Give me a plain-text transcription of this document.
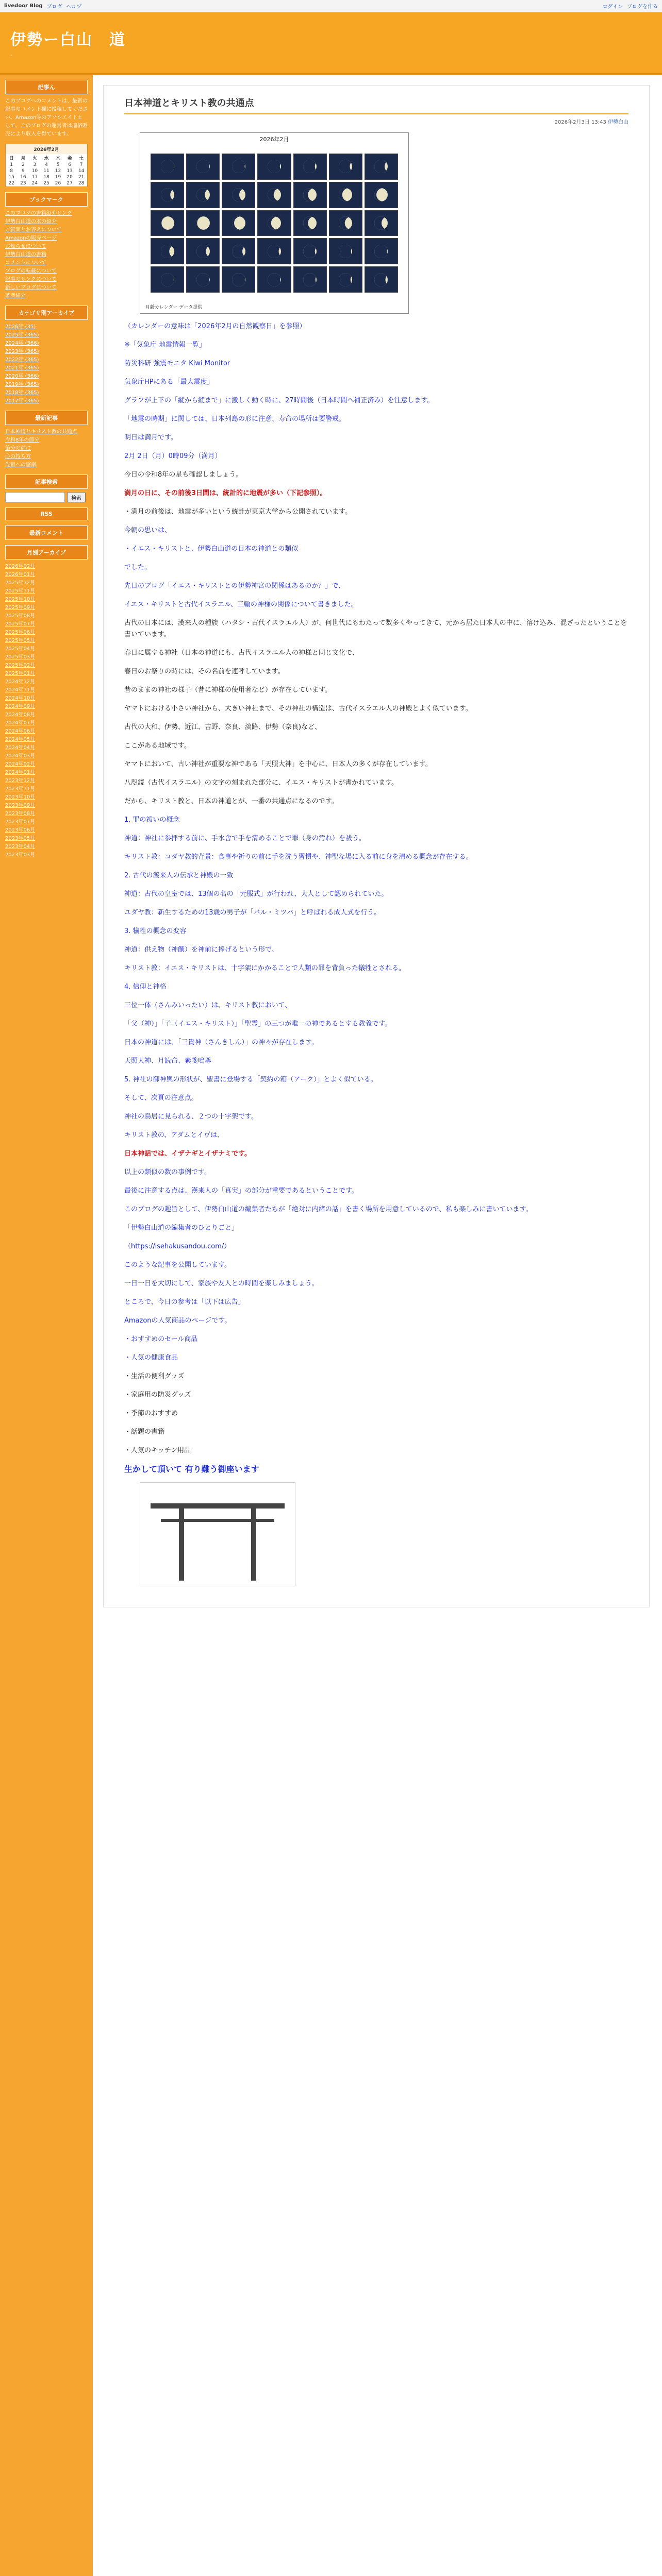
livedoor Blog ブログ ヘルプ	ログイン ブログを作る
伊勢ー白山　道
-
記事ん
このブログへのコメントは、最新の記事のコメント欄に投稿してください。Amazon等のアソシエイトとして、このブログの運営者は適格販売により収入を得ています。
2026年2月
日	月	火	水	木	金	土
1	2	3	4	5	6	7
8	9	10	11	12	13	14
15	16	17	18	19	20	21
22	23	24	25	26	27	28
ブックマーク
このブログの書籍紹介リンク
伊勢白山道の本の紹介
ご質問とお答えについて
Amazonの販売ページ
お知らせについて
伊勢白山道の書籍
コメントについて
ブログの転載について
記事のリンクについて
新しいブログについて
著者紹介
カテゴリ別アーカイブ
2026年 (35)
2025年 (365)
2024年 (366)
2023年 (365)
2022年 (365)
2021年 (365)
2020年 (366)
2019年 (365)
2018年 (365)
2017年 (365)
最新記事
日本神道とキリスト教の共通点
令和8年の節分
節分の前に
心の持ち方
先祖への感謝
記事検索
検索
RSS
最新コメント
月別アーカイブ
2026年02月
2026年01月
2025年12月
2025年11月
2025年10月
2025年09月
2025年08月
2025年07月
2025年06月
2025年05月
2025年04月
2025年03月
2025年02月
2025年01月
2024年12月
2024年11月
2024年10月
2024年09月
2024年08月
2024年07月
2024年06月
2024年05月
2024年04月
2024年03月
2024年02月
2024年01月
2023年12月
2023年11月
2023年10月
2023年09月
2023年08月
2023年07月
2023年06月
2023年05月
2023年04月
2023年03月
日本神道とキリスト教の共通点
2026年2月3日 13:43 伊勢白山
2026年2月
月齢カレンダー データ提供

（カレンダーの意味は「2026年2月の自然観察日」を参照）

※「気象庁 地震情報一覧」

防災科研 強震モニタ Kiwi Monitor

気象庁HPにある「最大震度」

グラフが上下の「縦から縦まで」に激しく動く時に、27時間後（日本時間へ補正済み）を注意します。

「地震の時期」に関しては、日本列島の形に注意、寿命の場所は要警戒。

明日は満月です。

2月 2日（月）0時09分（満月）

今日の令和8年の星も確認しましょう。

満月の日に、その前後3日間は、統計的に地震が多い（下記参照）。

・満月の前後は、地震が多いという統計が東京大学から公開されています。

今朝の思いは、

・イエス・キリストと、伊勢白山道の日本の神道との類似

でした。

先日のブログ「イエス・キリストとの伊勢神宮の関係はあるのか？」で、

イエス・キリストと古代イスラエル、三輪の神様の関係について書きました。

古代の日本には、漢来人の種族（ハタシ・古代イスラエル人）が、何世代にもわたって数多くやってきて、元から居た日本人の中に、溶け込み、混ざったということを書いています。

春日に属する神社（日本の神道にも、古代イスラエル人の神様と同じ文化で、

春日のお祭りの時には、その名前を連呼しています。

昔のままの神社の様子（昔に神様の使用者など）が存在しています。

ヤマトにおける小さい神社から、大きい神社まで、その神社の構造は、古代イスラエル人の神殿とよく似ています。

古代の大和、伊勢、近江、吉野、奈良、淡路、伊勢（奈良)など、

ここがある地域です。

ヤマトにおいて、古い神社が重要な神である「天照大神」を中心に、日本人の多くが存在しています。

八咫鏡（古代イスラエル）の文字の刻まれた部分に、イエス・キリストが書かれています。

だから、キリスト教と、日本の神道とが、一番の共通点になるのです。

1. 罪の祓いの概念

神道：神社に参拝する前に、手水舎で手を清めることで罪（身の汚れ）を祓う。

キリスト教：コダヤ教的背景：食事や祈りの前に手を洗う習慣や、神聖な場に入る前に身を清める概念が存在する。

2. 古代の渡来人の伝承と神殿の一致

神道：古代の皇室では、13個の名の「元服式」が行われ、大人として認められていた。

ユダヤ教：新生するための13歳の男子が「バル・ミツバ」と呼ばれる成人式を行う。

3. 犠牲の概念の変容

神道：供え物（神饌）を神前に捧げるという形で、

キリスト教：イエス・キリストは、十字架にかかることで人類の罪を背負った犠牲とされる。

4. 信仰と神格

三位一体（さんみいったい）は、キリスト教において、

「父（神）」「子（イエス・キリスト）」「聖霊」の三つが唯一の神であるとする教義です。

日本の神道には、「三貴神（さんきしん）」の神々が存在します。

天照大神、月読命、素戔嗚尊

5. 神社の御神輿の形状が、聖書に登場する「契約の箱（アーク）」とよく似ている。

そして、次頁の注意点。

神社の鳥居に見られる、２つの十字架です。

キリスト教の、アダムとイヴは、

日本神話では、イザナギとイザナミです。

以上の類似の数の事例です。

最後に注意する点は、漢来人の「真実」の部分が重要であるということです。

このブログの趣旨として、伊勢白山道の編集者たちが「絶対に内緒の話」を書く場所を用意しているので、私も楽しみに書いています。

「伊勢白山道の編集者のひとりごと」

（https://isehakusandou.com/）

このような記事を公開しています。

一日一日を大切にして、家族や友人との時間を楽しみましょう。

ところで、今日の参考は「以下は広告」

Amazonの人気商品のページです。

・おすすめのセール商品

・人気の健康食品

・生活の便利グッズ

・家庭用の防災グッズ

・季節のおすすめ

・話題の書籍

・人気のキッチン用品

生かして頂いて 有り難う御座います
